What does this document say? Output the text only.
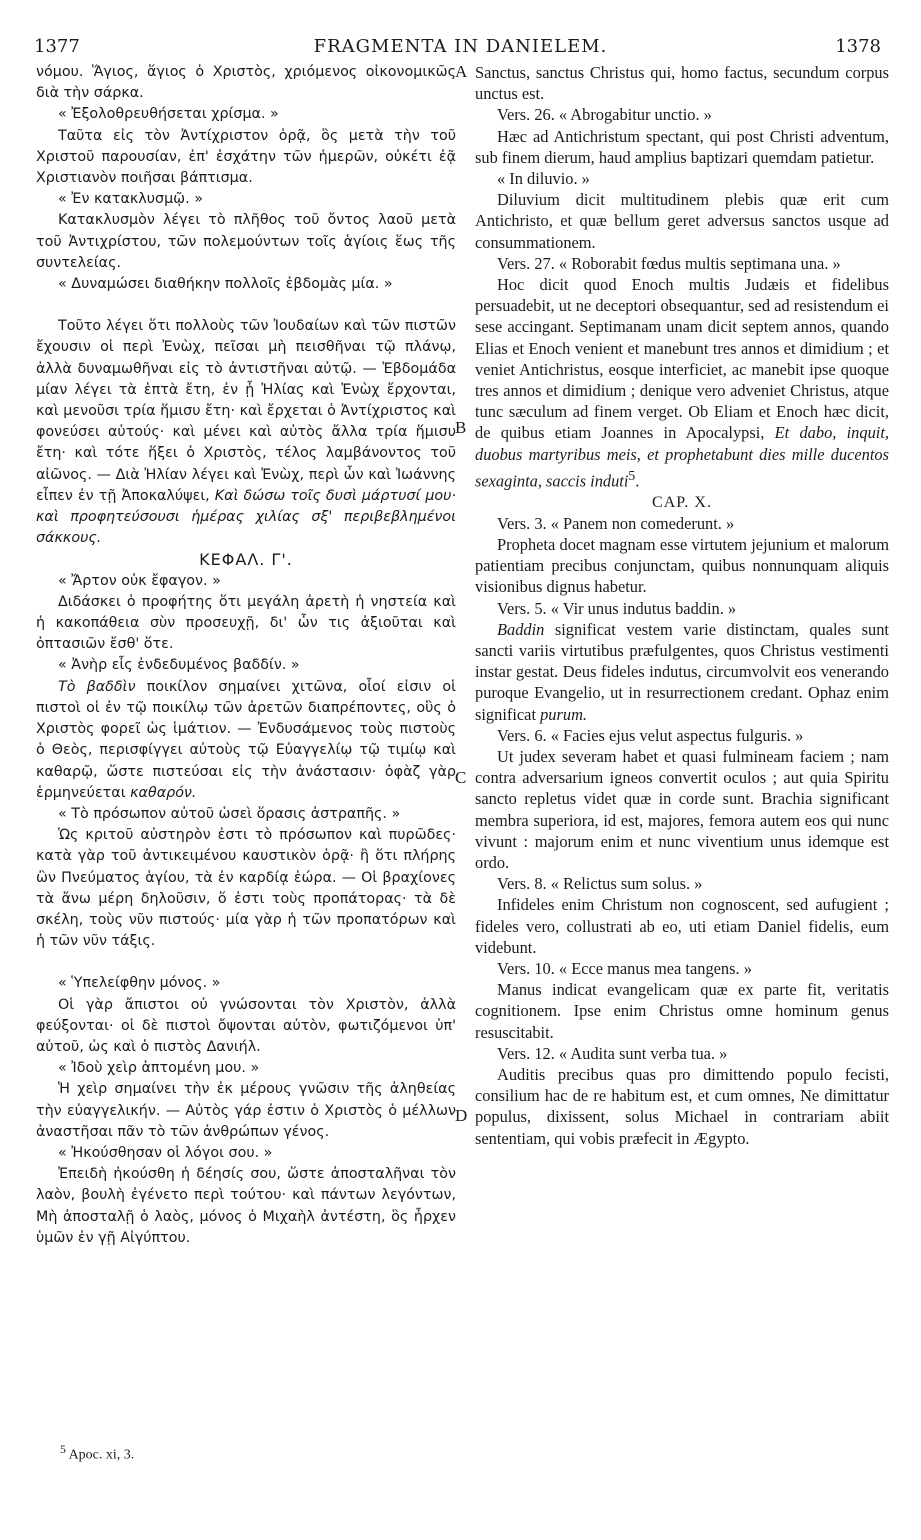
1377	FRAGMENTA IN DANIELEM.	1378

νόμου. Ἅγιος, ἅγιος ὁ Χριστὸς, χριόμενος οἰκονομικῶς διὰ τὴν σάρκα.

« Ἐξολοθρευθήσεται χρίσμα. »

Ταῦτα εἰς τὸν Ἀντίχριστον ὁρᾷ, ὃς μετὰ τὴν τοῦ Χριστοῦ παρουσίαν, ἐπ' ἐσχάτην τῶν ἡμερῶν, οὐκέτι ἐᾷ Χριστιανὸν ποιῆσαι βάπτισμα.

« Ἐν κατακλυσμῷ. »

Κατακλυσμὸν λέγει τὸ πλῆθος τοῦ ὄντος λαοῦ μετὰ τοῦ Ἀντιχρίστου, τῶν πολεμούντων τοῖς ἁγίοις ἕως τῆς συντελείας.

« Δυναμώσει διαθήκην πολλοῖς ἑβδομὰς μία. »

Τοῦτο λέγει ὅτι πολλοὺς τῶν Ἰουδαίων καὶ τῶν πιστῶν ἔχουσιν οἱ περὶ Ἐνὼχ, πεῖσαι μὴ πεισθῆναι τῷ πλάνῳ, ἀλλὰ δυναμωθῆναι εἰς τὸ ἀντιστῆναι αὐτῷ. — Ἑβδομάδα μίαν λέγει τὰ ἑπτὰ ἔτη, ἐν ᾗ Ἠλίας καὶ Ἐνὼχ ἔρχονται, καὶ μενοῦσι τρία ἥμισυ ἔτη· καὶ ἔρχεται ὁ Ἀντίχριστος καὶ φονεύσει αὐτούς· καὶ μένει καὶ αὐτὸς ἄλλα τρία ἥμισυ ἔτη· καὶ τότε ἥξει ὁ Χριστὸς, τέλος λαμβάνοντος τοῦ αἰῶνος. — Διὰ Ἠλίαν λέγει καὶ Ἐνὼχ, περὶ ὧν καὶ Ἰωάννης εἶπεν ἐν τῇ Ἀποκαλύψει, Καὶ δώσω τοῖς δυσὶ μάρτυσί μου· καὶ προφητεύσουσι ἡμέρας χιλίας σξ' περιβεβλημένοι σάκκους.

ΚΕΦΑΛ. Γ'.

« Ἄρτον οὐκ ἔφαγον. »

Διδάσκει ὁ προφήτης ὅτι μεγάλη ἀρετὴ ἡ νηστεία καὶ ἡ κακοπάθεια σὺν προσευχῇ, δι' ὧν τις ἀξιοῦται καὶ ὀπτασιῶν ἔσθ' ὅτε.

« Ἀνὴρ εἷς ἐνδεδυμένος βαδδίν. »

Τὸ βαδδὶν ποικίλον σημαίνει χιτῶνα, οἷοί εἰσιν οἱ πιστοὶ οἱ ἐν τῷ ποικίλῳ τῶν ἀρετῶν διαπρέποντες, οὓς ὁ Χριστὸς φορεῖ ὡς ἱμάτιον. — Ἐνδυσάμενος τοὺς πιστοὺς ὁ Θεὸς, περισφίγγει αὐτοὺς τῷ Εὐαγγελίῳ τῷ τιμίῳ καὶ καθαρῷ, ὥστε πιστεύσαι εἰς τὴν ἀνάστασιν· ὀφὰζ γὰρ ἑρμηνεύεται καθαρόν.

« Τὸ πρόσωπον αὐτοῦ ὡσεὶ ὅρασις ἀστραπῆς. »

Ὡς κριτοῦ αὐστηρὸν ἐστι τὸ πρόσωπον καὶ πυρῶδες· κατὰ γὰρ τοῦ ἀντικειμένου καυστικὸν ὁρᾷ· ἢ ὅτι πλήρης ὢν Πνεύματος ἁγίου, τὰ ἐν καρδίᾳ ἑώρα. — Οἱ βραχίονες τὰ ἄνω μέρη δηλοῦσιν, ὅ ἐστι τοὺς προπάτορας· τὰ δὲ σκέλη, τοὺς νῦν πιστούς· μία γὰρ ἡ τῶν προπατόρων καὶ ἡ τῶν νῦν τάξις.

« Ὑπελείφθην μόνος. »

Οἱ γὰρ ἄπιστοι οὐ γνώσονται τὸν Χριστὸν, ἀλλὰ φεύξονται· οἱ δὲ πιστοὶ ὄψονται αὐτὸν, φωτιζόμενοι ὑπ' αὐτοῦ, ὡς καὶ ὁ πιστὸς Δανιήλ.

« Ἰδοὺ χεὶρ ἁπτομένη μου. »

Ἡ χεὶρ σημαίνει τὴν ἐκ μέρους γνῶσιν τῆς ἀληθείας τὴν εὐαγγελικήν. — Αὐτὸς γάρ ἐστιν ὁ Χριστὸς ὁ μέλλων ἀναστῆσαι πᾶν τὸ τῶν ἀνθρώπων γένος.

« Ἠκούσθησαν οἱ λόγοι σου. »

Ἐπειδὴ ἠκούσθη ἡ δέησίς σου, ὥστε ἀποσταλῆναι τὸν λαὸν, βουλὴ ἐγένετο περὶ τούτου· καὶ πάντων λεγόντων, Μὴ ἀποσταλῇ ὁ λαὸς, μόνος ὁ Μιχαὴλ ἀντέστη, ὃς ἦρχεν ὑμῶν ἐν γῇ Αἰγύπτου.

Sanctus, sanctus Christus qui, homo factus, secundum corpus unctus est.

Vers. 26. « Abrogabitur unctio. »

Hæc ad Antichristum spectant, qui post Christi adventum, sub finem dierum, haud amplius baptizari quemdam patietur.

« In diluvio. »

Diluvium dicit multitudinem plebis quæ erit cum Antichristo, et quæ bellum geret adversus sanctos usque ad consummationem.

Vers. 27. « Roborabit fœdus multis septimana una. »

Hoc dicit quod Enoch multis Judæis et fidelibus persuadebit, ut ne deceptori obsequantur, sed ad resistendum ei sese accingant. Septimanam unam dicit septem annos, quando Elias et Enoch venient et manebunt tres annos et dimidium ; et veniet Antichristus, eosque interficiet, ac manebit ipse quoque tres annos et dimidium ; denique vero adveniet Christus, atque tunc sæculum ad finem verget. Ob Eliam et Enoch hæc dicit, de quibus etiam Joannes in Apocalypsi, Et dabo, inquit, duobus martyribus meis, et prophetabunt dies mille ducentos sexaginta, saccis induti$^5$.

CAP. X.

Vers. 3. « Panem non comederunt. »

Propheta docet magnam esse virtutem jejunium et malorum patientiam precibus conjunctam, quibus nonnunquam aliquis visionibus dignus habetur.

Vers. 5. « Vir unus indutus baddin. »

Baddin significat vestem varie distinctam, quales sunt sancti variis virtutibus præfulgentes, quos Christus vestimenti instar gestat. Deus fideles indutus, circumvolvit eos venerando puroque Evangelio, ut in resurrectionem credant. Ophaz enim significat purum.

Vers. 6. « Facies ejus velut aspectus fulguris. »

Ut judex severam habet et quasi fulmineam faciem ; nam contra adversarium igneos convertit oculos ; aut quia Spiritu sancto repletus videt quæ in corde sunt. Brachia significant membra superiora, id est, majores, femora autem eos qui nunc vivunt : majorum enim et nunc viventium unus idemque est ordo.

Vers. 8. « Relictus sum solus. »

Infideles enim Christum non cognoscent, sed aufugient ; fideles vero, collustrati ab eo, uti etiam Daniel fidelis, eum videbunt.

Vers. 10. « Ecce manus mea tangens. »

Manus indicat evangelicam quæ ex parte fit, veritatis cognitionem. Ipse enim Christus omne hominum genus resuscitabit.

Vers. 12. « Audita sunt verba tua. »

Auditis precibus quas pro dimittendo populo fecisti, consilium hac de re habitum est, et cum omnes, Ne dimittatur populus, dixissent, solus Michael in contrariam abiit sententiam, qui vobis præfecit in Ægypto.

A
B
C
D
$^5$ Apoc. xi, 3.
